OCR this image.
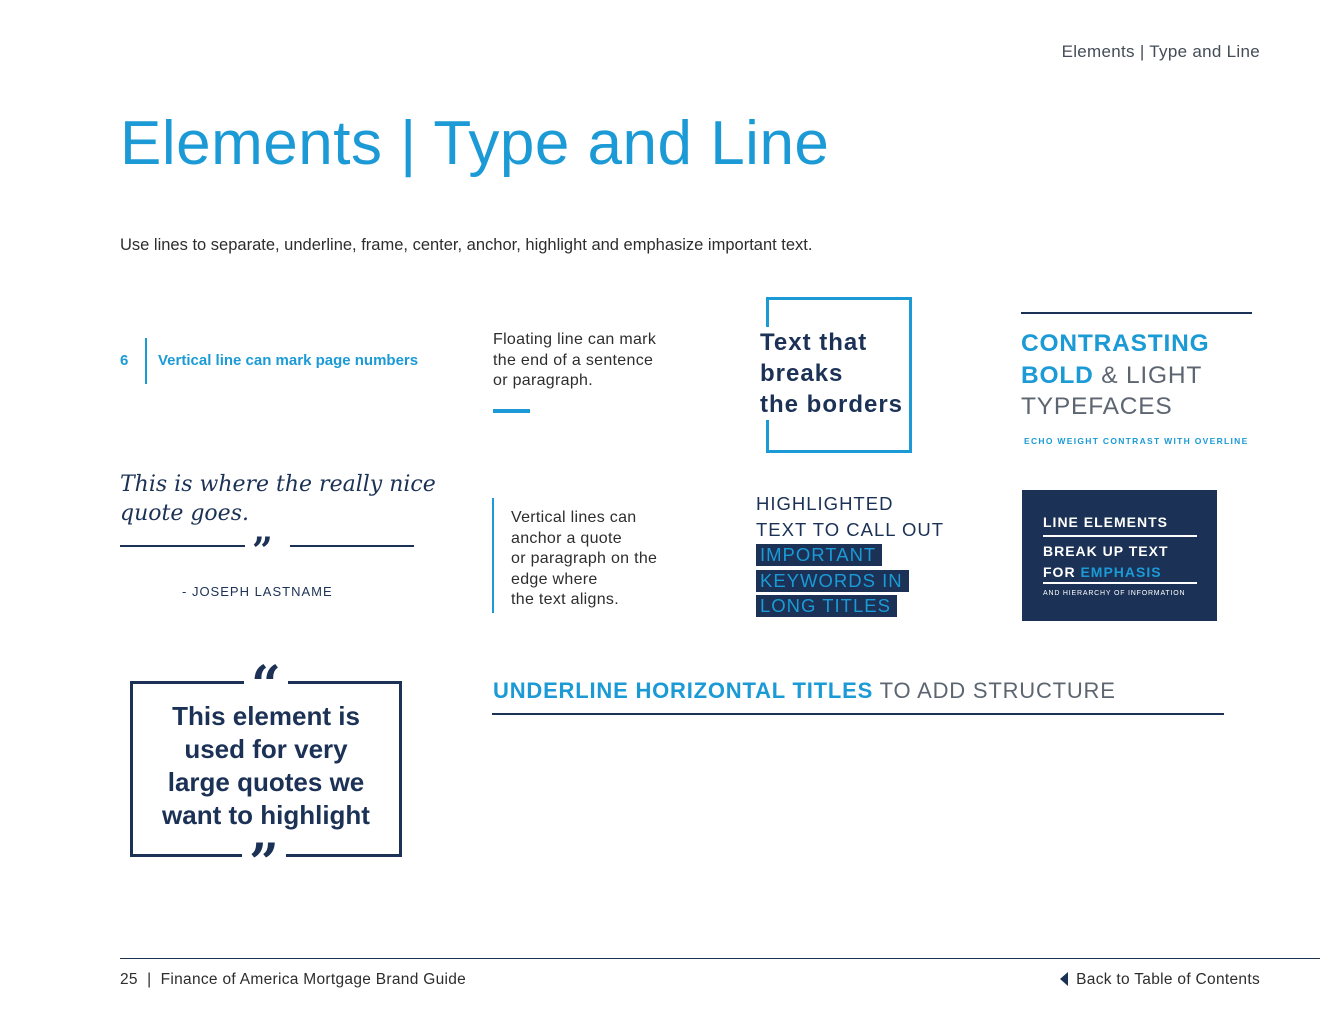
Elements | Type and Line
Elements | Type and Line
Use lines to separate, underline, frame, center, anchor, highlight and emphasize important text.
6 Vertical line can mark page numbers
Floating line can mark
the end of a sentence
or paragraph.
Text that
breaks
the borders
CONTRASTING
BOLD & LIGHT
TYPEFACES
ECHO WEIGHT CONTRAST WITH OVERLINE
This is where the really nice quote goes.
”
- JOSEPH LASTNAME
Vertical lines can
anchor a quote
or paragraph on the
edge where
the text aligns.
HIGHLIGHTED
TEXT TO CALL OUT
IMPORTANT
KEYWORDS IN
LONG TITLES
LINE ELEMENTS
BREAK UP TEXT
FOR EMPHASIS
AND HIERARCHY OF INFORMATION
“
This element is
used for very
large quotes we
want to highlight
”
UNDERLINE HORIZONTAL TITLES TO ADD STRUCTURE
25 | Finance of America Mortgage Brand Guide	Back to Table of Contents
